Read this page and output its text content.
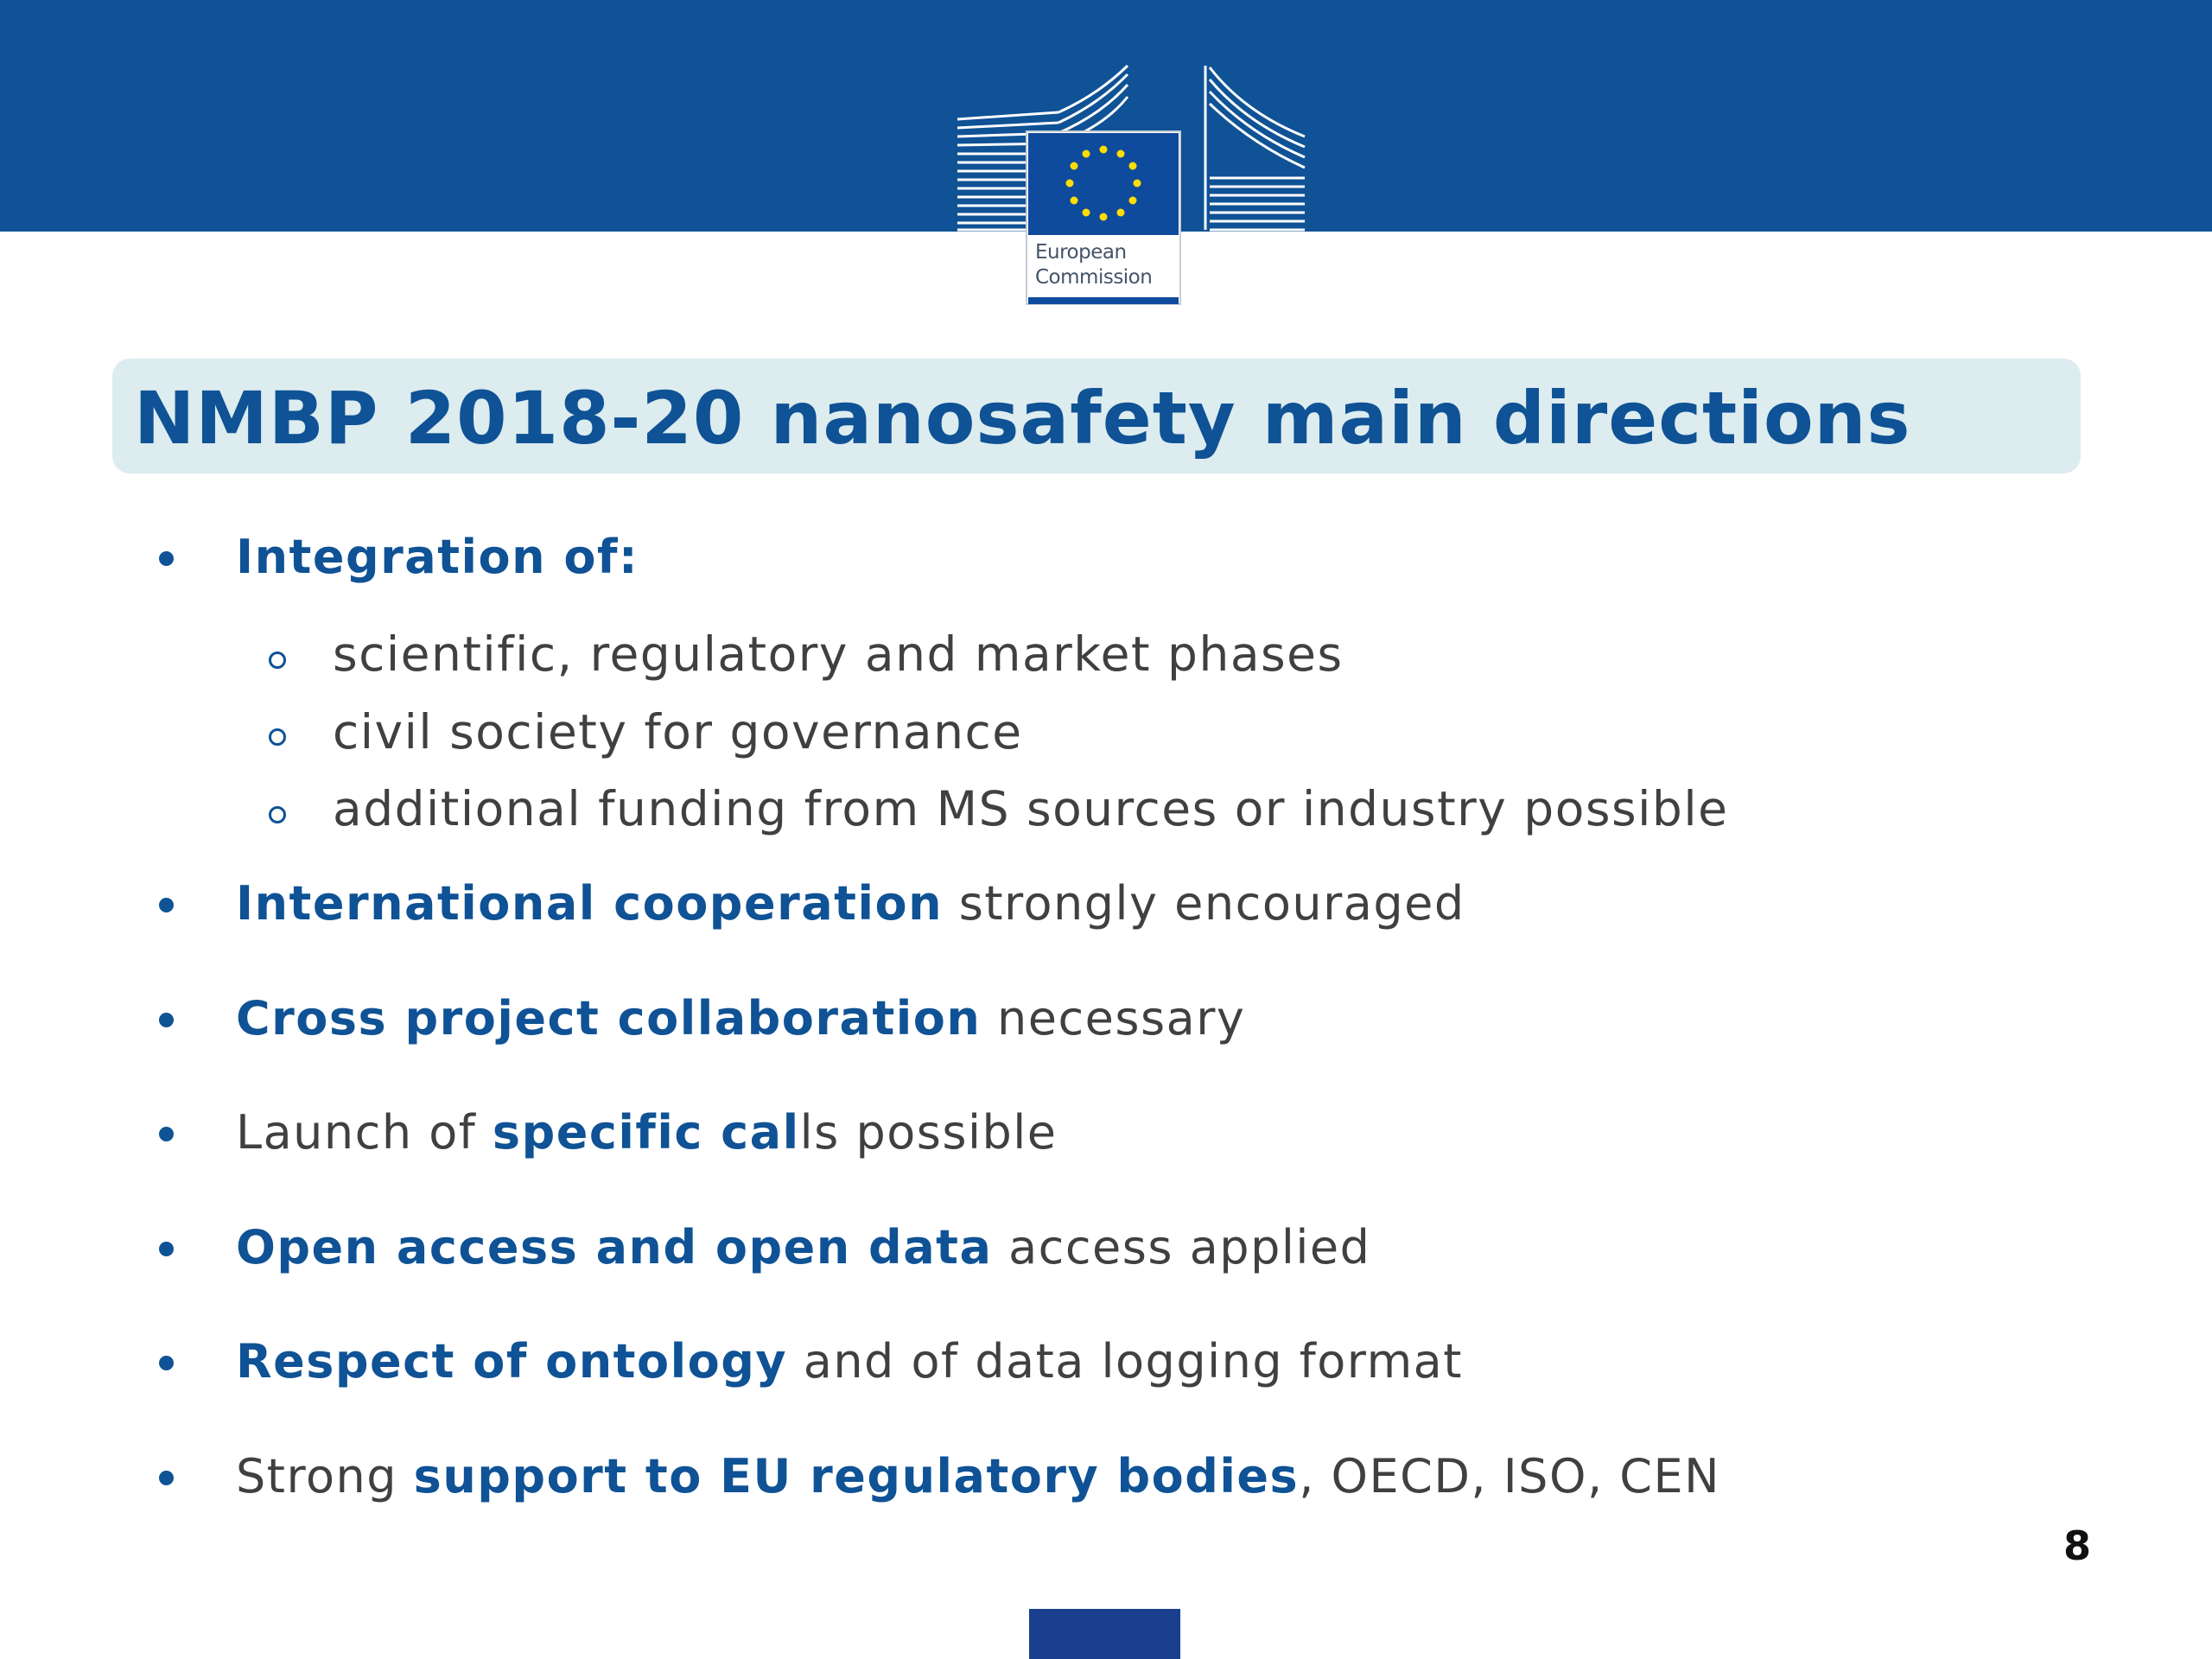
European
Commission
NMBP 2018-20 nanosafety main directions
Integration of:
scientific, regulatory and market phases
civil society for governance
additional funding from MS sources or industry possible
International cooperation strongly encouraged
Cross project collaboration necessary
Launch of specific calls possible
Open access and open data access applied
Respect of ontology and of data logging format
Strong support to EU regulatory bodies, OECD, ISO, CEN
8
